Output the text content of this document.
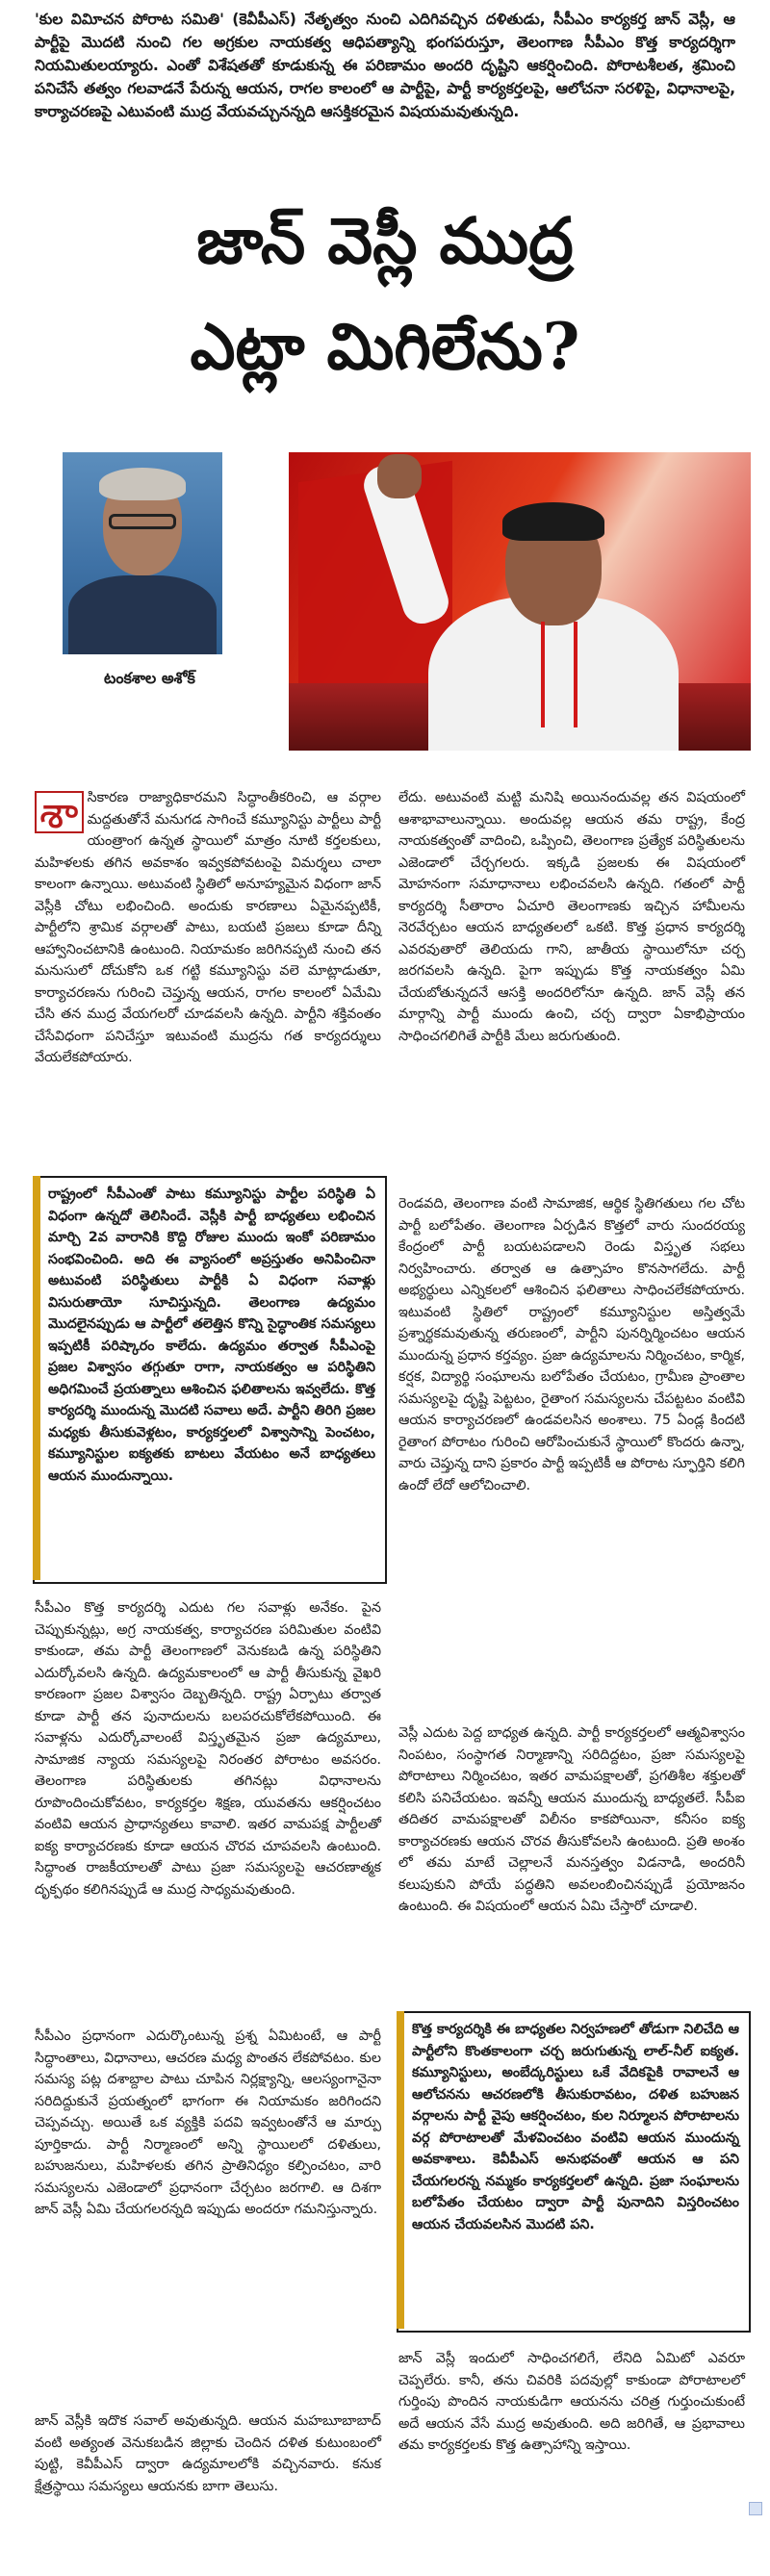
'కుల వివిూచన పోరాట సమితి' (కెవీపీఎస్) నేతృత్వం నుంచి ఎదిగివచ్చిన దళితుడు, సీపీఎం కార్యకర్త జాన్ వెస్లీ, ఆ పార్టీపై మొదటి నుంచి గల అగ్రకుల నాయకత్వ ఆధిపత్యాన్ని భంగపరుస్తూ, తెలంగాణ సీపీఎం కొత్త కార్యదర్శిగా నియమితులయ్యారు. ఎంతో విశేషతతో కూడుకున్న ఈ పరిణామం అందరి దృష్టిని ఆకర్షించింది. పోరాటశీలత, శ్రమించి పనిచేసే తత్వం గలవాడనే పేరున్న ఆయన, రాగల కాలంలో ఆ పార్టీపై, పార్టీ కార్యకర్తలపై, ఆలోచనా సరళిపై, విధానాలపై, కార్యాచరణపై ఎటువంటి ముద్ర వేయవచ్చునన్నది ఆసక్తికరమైన విషయమవుతున్నది.

జాన్ వెస్లీ ముద్ర
ఎట్లా మిగిలేను?

టంకశాల అశోక్

శాసికారణ రాజ్యాధికారమని సిద్ధాంతీకరించి, ఆ వర్గాల మద్దతుతోనే మనుగడ సాగించే కమ్యూనిస్టు పార్టీలు పార్టీ యంత్రాంగ ఉన్నత స్థాయిలో మాత్రం నూటి కర్తలకులు, మహిళలకు తగిన అవకాశం ఇవ్వకపోవటంపై విమర్శలు చాలా కాలంగా ఉన్నాయి. అటువంటి స్థితిలో అనూహ్యమైన విధంగా జాన్ వెస్లీకి చోటు లభించింది. అందుకు కారణాలు ఏమైనప్పటికీ, పార్టీలోని శ్రామిక వర్గాలతో పాటు, బయటి ప్రజలు కూడా దీన్ని ఆహ్వానించటానికి ఉంటుంది. నియామకం జరిగినప్పటి నుంచి తన మనుసులో దోచుకోని ఒక గట్టి కమ్యూనిస్టు వలె మాట్లాడుతూ, కార్యాచరణను గురించి చెప్తున్న ఆయన, రాగల కాలంలో ఏమేమి చేసి తన ముద్ర వేయగలరో చూడవలసి ఉన్నది. పార్టీని శక్తివంతం చేసేవిధంగా పనిచేస్తూ ఇటువంటి ముద్రను గత కార్యదర్శులు వేయలేకపోయారు.

రాష్ట్రంలో సీపీఎంతో పాటు కమ్యూనిస్టు పార్టీల పరిస్థితి ఏ విధంగా ఉన్నదో తెలిసిందే. వెస్లీకి పార్టీ బాధ్యతలు లభించిన మార్చి 2వ వారానికి కొద్ది రోజుల ముందు ఇంకో పరిణామం సంభవించింది. అది ఈ వ్యాసంలో అప్రస్తుతం అనిపించినా అటువంటి పరిస్థితులు పార్టీకి ఏ విధంగా సవాళ్లు విసురుతాయో సూచిస్తున్నది. తెలంగాణ ఉద్యమం మొదలైనప్పుడు ఆ పార్టీలో తలెత్తిన కొన్ని సైద్ధాంతిక సమస్యలు ఇప్పటికీ పరిష్కారం కాలేదు. ఉద్యమం తర్వాత సీపీఎంపై ప్రజల విశ్వాసం తగ్గుతూ రాగా, నాయకత్వం ఆ పరిస్థితిని అధిగమించే ప్రయత్నాలు ఆశించిన ఫలితాలను ఇవ్వలేదు. కొత్త కార్యదర్శి ముందున్న మొదటి సవాలు అదే. పార్టీని తిరిగి ప్రజల మధ్యకు తీసుకువెళ్లటం, కార్యకర్తలలో విశ్వాసాన్ని పెంచటం, కమ్యూనిస్టుల ఐక్యతకు బాటలు వేయటం అనే బాధ్యతలు ఆయన ముందున్నాయి.

సీపీఎం కొత్త కార్యదర్శి ఎదుట గల సవాళ్లు అనేకం. పైన చెప్పుకున్నట్లు, అగ్ర నాయకత్వ, కార్యాచరణ పరిమితుల వంటివి కాకుండా, తమ పార్టీ తెలంగాణలో వెనుకబడి ఉన్న పరిస్థితిని ఎదుర్కోవలసి ఉన్నది. ఉద్యమకాలంలో ఆ పార్టీ తీసుకున్న వైఖరి కారణంగా ప్రజల విశ్వాసం దెబ్బతిన్నది. రాష్ట్ర ఏర్పాటు తర్వాత కూడా పార్టీ తన పునాదులను బలపరచుకోలేకపోయింది. ఈ సవాళ్లను ఎదుర్కోవాలంటే విస్తృతమైన ప్రజా ఉద్యమాలు, సామాజిక న్యాయ సమస్యలపై నిరంతర పోరాటం అవసరం. తెలంగాణ పరిస్థితులకు తగినట్లు విధానాలను రూపొందించుకోవటం, కార్యకర్తల శిక్షణ, యువతను ఆకర్షించటం వంటివి ఆయన ప్రాధాన్యతలు కావాలి. ఇతర వామపక్ష పార్టీలతో ఐక్య కార్యాచరణకు కూడా ఆయన చొరవ చూపవలసి ఉంటుంది. సిద్ధాంత రాజకీయాలతో పాటు ప్రజా సమస్యలపై ఆచరణాత్మక దృక్పథం కలిగినప్పుడే ఆ ముద్ర సాధ్యమవుతుంది.

సీపీఎం ప్రధానంగా ఎదుర్కొంటున్న ప్రశ్న ఏమిటంటే, ఆ పార్టీ సిద్ధాంతాలు, విధానాలు, ఆచరణ మధ్య పొంతన లేకపోవటం. కుల సమస్య పట్ల దశాబ్దాల పాటు చూపిన నిర్లక్ష్యాన్ని, ఆలస్యంగానైనా సరిదిద్దుకునే ప్రయత్నంలో భాగంగా ఈ నియామకం జరిగిందని చెప్పవచ్చు. అయితే ఒక వ్యక్తికి పదవి ఇవ్వటంతోనే ఆ మార్పు పూర్తికాదు. పార్టీ నిర్మాణంలో అన్ని స్థాయిలలో దళితులు, బహుజనులు, మహిళలకు తగిన ప్రాతినిధ్యం కల్పించటం, వారి సమస్యలను ఎజెండాలో ప్రధానంగా చేర్చటం జరగాలి. ఆ దిశగా జాన్ వెస్లీ ఏమి చేయగలరన్నది ఇప్పుడు అందరూ గమనిస్తున్నారు.

జాన్ వెస్లీకి ఇదొక సవాల్ అవుతున్నది. ఆయన మహబూబాబాద్ వంటి అత్యంత వెనుకబడిన జిల్లాకు చెందిన దళిత కుటుంబంలో పుట్టి, కెవీపీఎస్ ద్వారా ఉద్యమాలలోకి వచ్చినవారు. కనుక క్షేత్రస్థాయి సమస్యలు ఆయనకు బాగా తెలుసు.

లేదు. అటువంటి మట్టి మనిషి అయినందువల్ల తన విషయంలో ఆశాభావాలున్నాయి. అందువల్ల ఆయన తమ రాష్ట్ర, కేంద్ర నాయకత్వంతో వాదించి, ఒప్పించి, తెలంగాణ ప్రత్యేక పరిస్థితులను ఎజెండాలో చేర్చగలరు. ఇక్కడి ప్రజలకు ఈ విషయంలో మోహనంగా సమాధానాలు లభించవలసి ఉన్నది. గతంలో పార్టీ కార్యదర్శి సీతారాం ఏచూరి తెలంగాణకు ఇచ్చిన హామీలను నెరవేర్చటం ఆయన బాధ్యతలలో ఒకటి. కొత్త ప్రధాన కార్యదర్శి ఎవరవుతారో తెలియదు గాని, జాతీయ స్థాయిలోనూ చర్చ జరగవలసి ఉన్నది. పైగా ఇప్పుడు కొత్త నాయకత్వం ఏమి చేయబోతున్నదనే ఆసక్తి అందరిలోనూ ఉన్నది. జాన్ వెస్లీ తన మార్గాన్ని పార్టీ ముందు ఉంచి, చర్చ ద్వారా ఏకాభిప్రాయం సాధించగలిగితే పార్టీకి మేలు జరుగుతుంది.

రెండవది, తెలంగాణ వంటి సామాజిక, ఆర్థిక స్థితిగతులు గల చోట పార్టీ బలోపేతం. తెలంగాణ ఏర్పడిన కొత్తలో వారు సుందరయ్య కేంద్రంలో పార్టీ బయటపడాలని రెండు విస్తృత సభలు నిర్వహించారు. తర్వాత ఆ ఉత్సాహం కొనసాగలేదు. పార్టీ అభ్యర్థులు ఎన్నికలలో ఆశించిన ఫలితాలు సాధించలేకపోయారు. ఇటువంటి స్థితిలో రాష్ట్రంలో కమ్యూనిస్టుల అస్తిత్వమే ప్రశ్నార్థకమవుతున్న తరుణంలో, పార్టీని పునర్నిర్మించటం ఆయన ముందున్న ప్రధాన కర్తవ్యం. ప్రజా ఉద్యమాలను నిర్మించటం, కార్మిక, కర్షక, విద్యార్థి సంఘాలను బలోపేతం చేయటం, గ్రామీణ ప్రాంతాల సమస్యలపై దృష్టి పెట్టటం, రైతాంగ సమస్యలను చేపట్టటం వంటివి ఆయన కార్యాచరణలో ఉండవలసిన అంశాలు. 75 ఏండ్ల కిందటి రైతాంగ పోరాటం గురించి ఆరోపించుకునే స్థాయిలో కొందరు ఉన్నా, వారు చెప్తున్న దాని ప్రకారం పార్టీ ఇప్పటికీ ఆ పోరాట స్ఫూర్తిని కలిగి ఉందో లేదో ఆలోచించాలి.

వెస్లీ ఎదుట పెద్ద బాధ్యత ఉన్నది. పార్టీ కార్యకర్తలలో ఆత్మవిశ్వాసం నింపటం, సంస్థాగత నిర్మాణాన్ని సరిదిద్దటం, ప్రజా సమస్యలపై పోరాటాలు నిర్మించటం, ఇతర వామపక్షాలతో, ప్రగతిశీల శక్తులతో కలిసి పనిచేయటం. ఇవన్నీ ఆయన ముందున్న బాధ్యతలే. సీపీఐ తదితర వామపక్షాలతో విలీనం కాకపోయినా, కనీసం ఐక్య కార్యాచరణకు ఆయన చొరవ తీసుకోవలసి ఉంటుంది. ప్రతి అంశం లో తమ మాటే చెల్లాలనే మనస్తత్వం విడనాడి, అందరినీ కలుపుకుని పోయే పద్ధతిని అవలంబించినప్పుడే ప్రయోజనం ఉంటుంది. ఈ విషయంలో ఆయన ఏమి చేస్తారో చూడాలి.

కొత్త కార్యదర్శికి ఈ బాధ్యతల నిర్వహణలో తోడుగా నిలిచేది ఆ పార్టీలోని కొంతకాలంగా చర్చ జరుగుతున్న లాల్-నీల్ ఐక్యత. కమ్యూనిస్టులు, అంబేద్కరిస్టులు ఒకే వేదికపైకి రావాలనే ఆ ఆలోచనను ఆచరణలోకి తీసుకురావటం, దళిత బహుజన వర్గాలను పార్టీ వైపు ఆకర్షించటం, కుల నిర్మూలన పోరాటాలను వర్గ పోరాటాలతో మేళవించటం వంటివి ఆయన ముందున్న అవకాశాలు. కెవీపీఎస్ అనుభవంతో ఆయన ఆ పని చేయగలరన్న నమ్మకం కార్యకర్తలలో ఉన్నది. ప్రజా సంఘాలను బలోపేతం చేయటం ద్వారా పార్టీ పునాదిని విస్తరించటం ఆయన చేయవలసిన మొదటి పని.

జాన్ వెస్లీ ఇందులో సాధించగలిగే, లేనిది ఏమిటో ఎవరూ చెప్పలేరు. కానీ, తను చివరికి పదవుల్లో కాకుండా పోరాటాలలో గుర్తింపు పొందిన నాయకుడిగా ఆయనను చరిత్ర గుర్తుంచుకుంటే అదే ఆయన వేసే ముద్ర అవుతుంది. అది జరిగితే, ఆ ప్రభావాలు తమ కార్యకర్తలకు కొత్త ఉత్సాహాన్ని ఇస్తాయి.
